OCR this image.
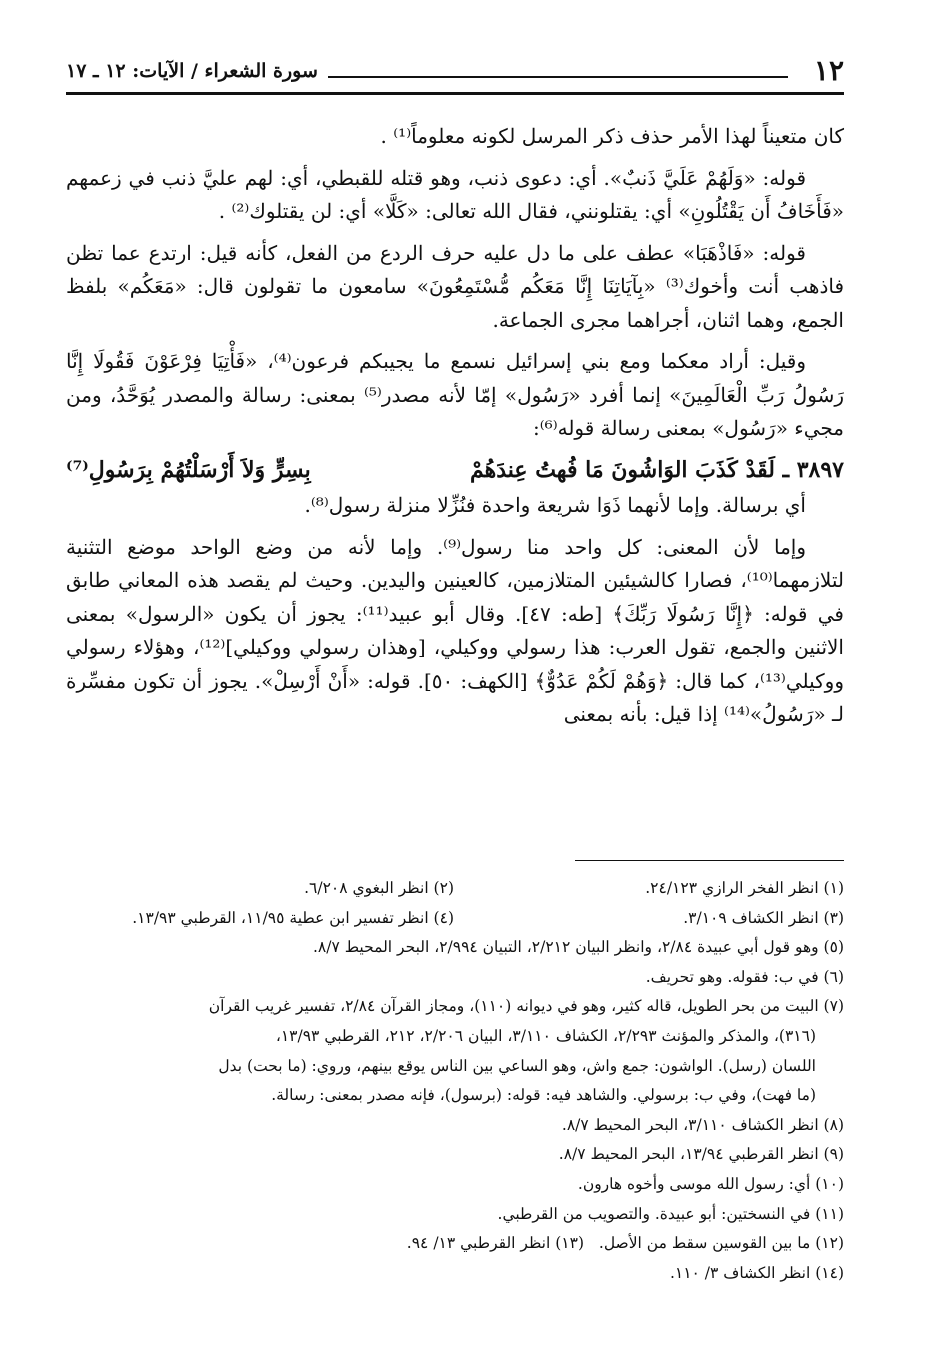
١٢
سورة الشعراء / الآيات: ١٢ ـ ١٧

كان متعيناً لهذا الأمر حذف ذكر المرسل لكونه معلوماً⁽¹⁾ .

قوله: «وَلَهُمْ عَلَيَّ ذَنبٌ». أي: دعوى ذنب، وهو قتله للقبطي، أي: لهم عليَّ ذنب في زعمهم «فَأَخَافُ أَن يَقْتُلُونِ» أي: يقتلونني، فقال الله تعالى: «كَلَّا» أي: لن يقتلوك⁽²⁾ .

قوله: «فَاذْهَبَا» عطف على ما دل عليه حرف الردع من الفعل، كأنه قيل: ارتدع عما تظن فاذهب أنت وأخوك⁽³⁾ «بِآيَاتِنَا إِنَّا مَعَكُم مُّسْتَمِعُونَ» سامعون ما تقولون قال: «مَعَكُم» بلفظ الجمع، وهما اثنان، أجراهما مجرى الجماعة.

وقيل: أراد معكما ومع بني إسرائيل نسمع ما يجيبكم فرعون⁽⁴⁾، «فَأْتِيَا فِرْعَوْنَ فَقُولَا إِنَّا رَسُولُ رَبِّ الْعَالَمِينَ» إنما أفرد «رَسُول» إمّا لأنه مصدر⁽⁵⁾ بمعنى: رسالة والمصدر يُوَحَّدُ، ومن مجيء «رَسُول» بمعنى رسالة قوله⁽⁶⁾:

٣٨٩٧ ـ لَقَدْ كَذَبَ الوَاشُونَ مَا فُهتُ عِندَهُمْ
بِسِرٍّ وَلاَ أَرْسَلْتُهُمْ بِرَسُولِ⁽⁷⁾

أي برسالة. وإما لأنهما ذَوَا شريعة واحدة فنُزِّلا منزلة رسول⁽⁸⁾.

وإما لأن المعنى: كل واحد منا رسول⁽⁹⁾. وإما لأنه من وضع الواحد موضع التثنية لتلازمهما⁽¹⁰⁾، فصارا كالشيئين المتلازمين، كالعينين واليدين. وحيث لم يقصد هذه المعاني طابق في قوله: ﴿إِنَّا رَسُولَا رَبِّكَ﴾ [طه: ٤٧]. وقال أبو عبيد⁽¹¹⁾: يجوز أن يكون «الرسول» بمعنى الاثنين والجمع، تقول العرب: هذا رسولي ووكيلي، [وهذان رسولي ووكيلي]⁽¹²⁾، وهؤلاء رسولي ووكيلي⁽¹³⁾، كما قال: ﴿وَهُمْ لَكُمْ عَدُوٌّ﴾ [الكهف: ٥٠]. قوله: «أَنْ أَرْسِلْ». يجوز أن تكون مفسِّرة لـ «رَسُولُ»⁽¹⁴⁾ إذا قيل: بأنه بمعنى

(١) انظر الفخر الرازي ٢٤/١٢٣.
(٢) انظر البغوي ٦/٢٠٨.
(٣) انظر الكشاف ٣/١٠٩.
(٤) انظر تفسير ابن عطية ١١/٩٥، القرطبي ١٣/٩٣.
(٥) وهو قول أبي عبيدة ٢/٨٤، وانظر البيان ٢/٢١٢، التبيان ٢/٩٩٤، البحر المحيط ٨/٧.
(٦) في ب: فقوله. وهو تحريف.
(٧) البيت من بحر الطويل، قاله كثير، وهو في ديوانه (١١٠)، ومجاز القرآن ٢/٨٤، تفسير غريب القرآن
(٣١٦)، والمذكر والمؤنث ٢/٢٩٣، الكشاف ٣/١١٠، البيان ٢/٢٠٦، ٢١٢، القرطبي ١٣/٩٣،
اللسان (رسل). الواشون: جمع واش، وهو الساعي بين الناس يوقع بينهم، وروي: (ما بحت) بدل
(ما فهت)، وفي ب: برسولي. والشاهد فيه: قوله: (برسول)، فإنه مصدر بمعنى: رسالة.
(٨) انظر الكشاف ٣/١١٠، البحر المحيط ٨/٧.
(٩) انظر القرطبي ١٣/٩٤، البحر المحيط ٨/٧.
(١٠) أي: رسول الله موسى وأخوه هارون.
(١١) في النسختين: أبو عبيدة. والتصويب من القرطبي.
(١٢) ما بين القوسين سقط من الأصل.
(١٣) انظر القرطبي ١٣/ ٩٤.
(١٤) انظر الكشاف ٣/ ١١٠.
